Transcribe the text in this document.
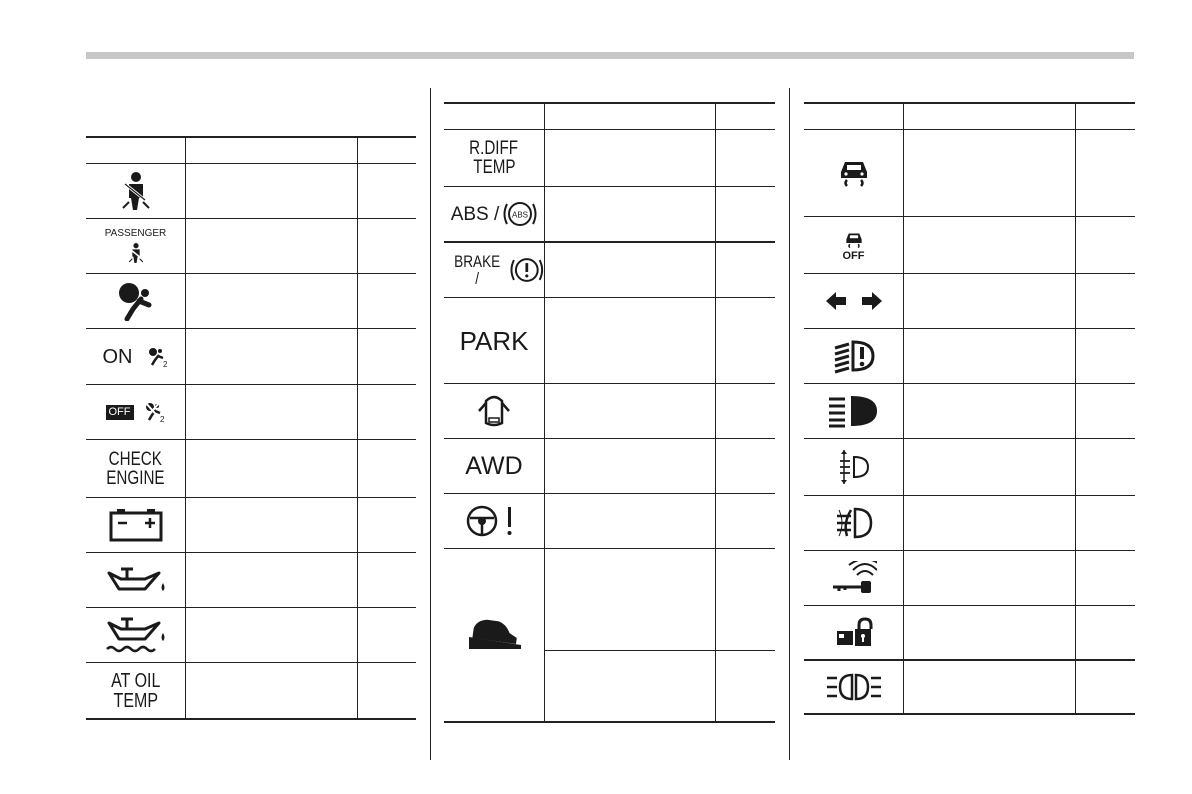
PASSENGER
ON	2
OFF
2
CHECK
ENGINE
AT OIL
TEMP
R.DIFF
TEMP
ABS / ABS
BRAKE /
PARK
AWD
OFF
